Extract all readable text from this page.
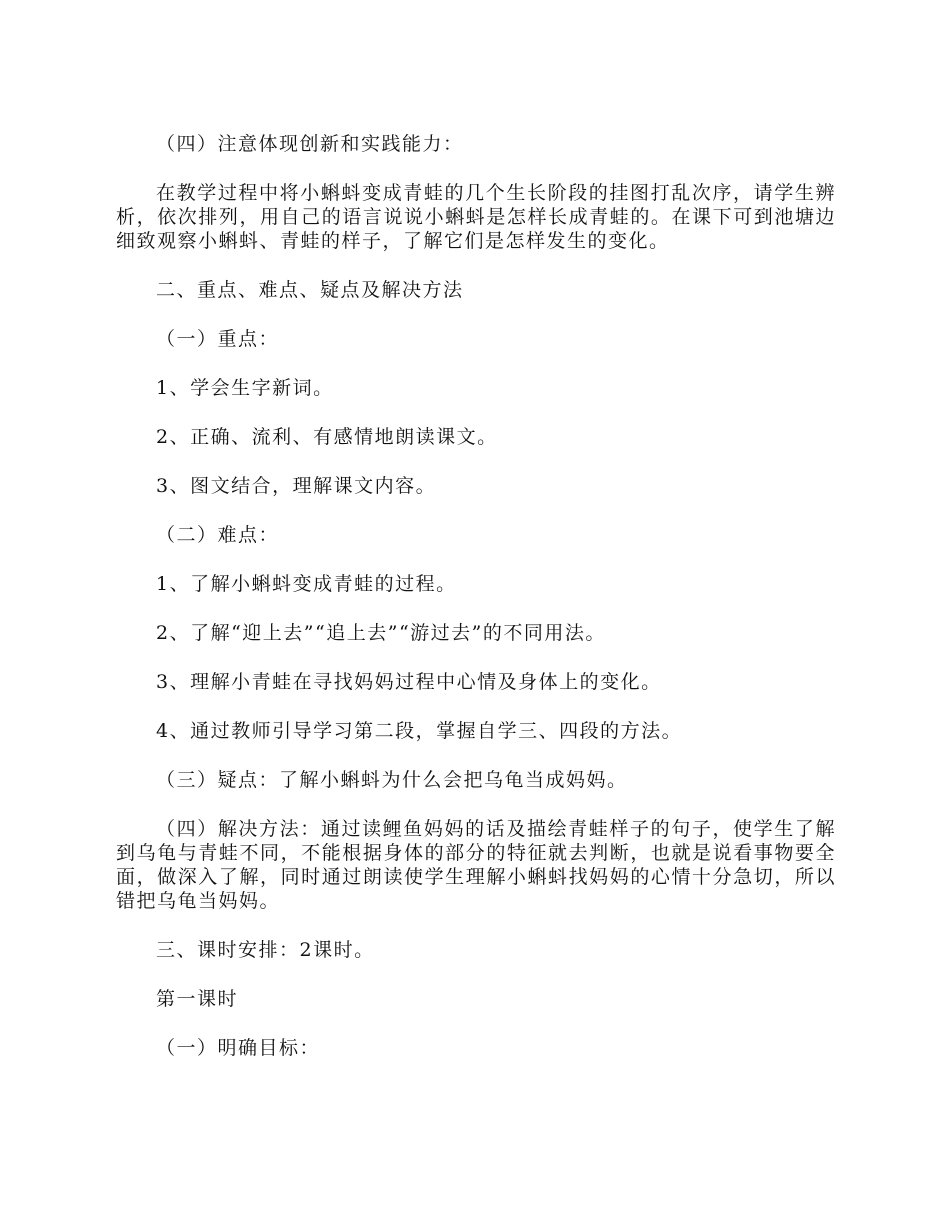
（四）注意体现创新和实践能力：

在教学过程中将小蝌蚪变成青蛙的几个生长阶段的挂图打乱次序，请学生辨析，依次排列，用自己的语言说说小蝌蚪是怎样长成青蛙的。在课下可到池塘边细致观察小蝌蚪、青蛙的样子，了解它们是怎样发生的变化。

二、重点、难点、疑点及解决方法

（一）重点：

1、学会生字新词。

2、正确、流利、有感情地朗读课文。

3、图文结合，理解课文内容。

（二）难点：

1、了解小蝌蚪变成青蛙的过程。

2、了解“迎上去”“追上去”“游过去”的不同用法。

3、理解小青蛙在寻找妈妈过程中心情及身体上的变化。

4、通过教师引导学习第二段，掌握自学三、四段的方法。

（三）疑点：了解小蝌蚪为什么会把乌龟当成妈妈。

（四）解决方法：通过读鲤鱼妈妈的话及描绘青蛙样子的句子，使学生了解到乌龟与青蛙不同，不能根据身体的部分的特征就去判断，也就是说看事物要全面，做深入了解，同时通过朗读使学生理解小蝌蚪找妈妈的心情十分急切，所以错把乌龟当妈妈。

三、课时安排：2课时。

第一课时

（一）明确目标：
